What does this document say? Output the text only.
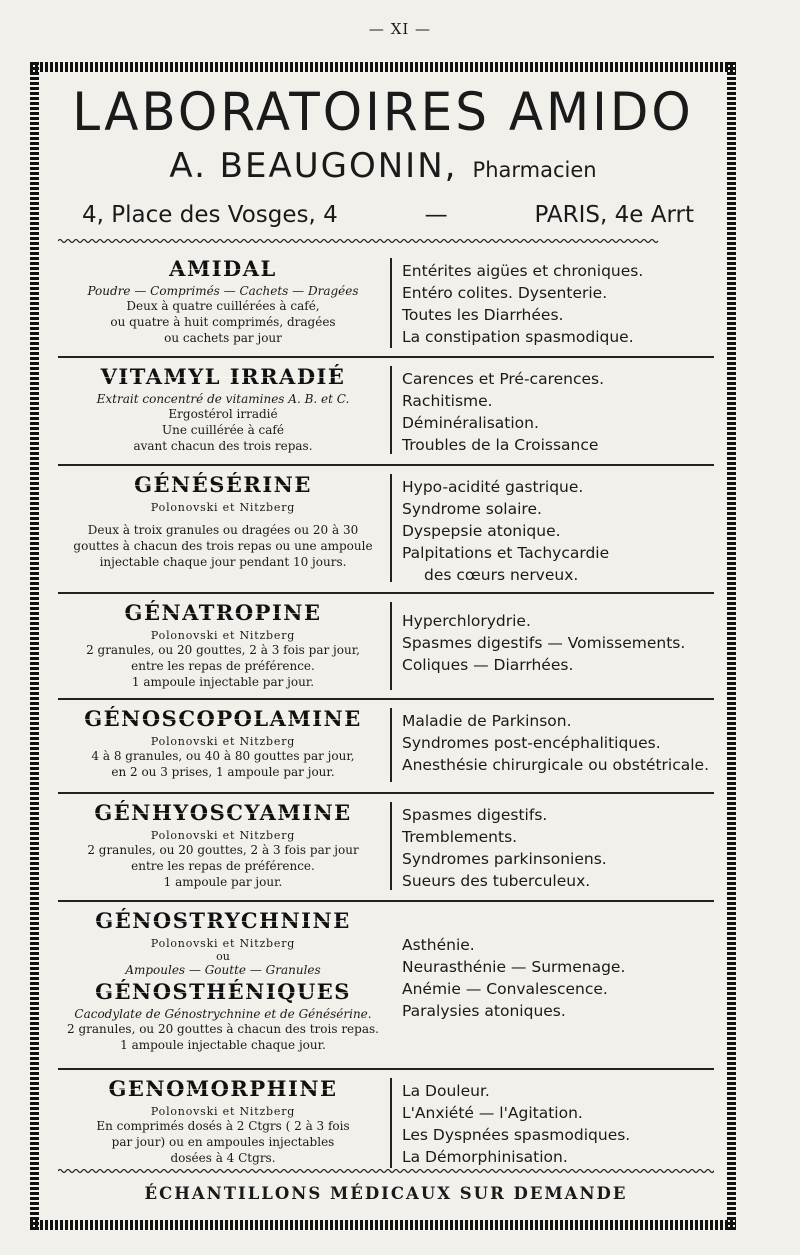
— XI —
LABORATOIRES AMIDO
A. BEAUGONIN, Pharmacien
4, Place des Vosges, 4	—	PARIS, 4e Arrt
AMIDAL
Poudre — Comprimés — Cachets — Dragées
Deux à quatre cuillérées à café,
ou quatre à huit comprimés, dragées
ou cachets par jour
Entérites aigües et chroniques.
Entéro colites. Dysenterie.
Toutes les Diarrhées.
La constipation spasmodique.
VITAMYL IRRADIÉ
Extrait concentré de vitamines A. B. et C.
Ergostérol irradié
Une cuillérée à café
avant chacun des trois repas.
Carences et Pré-carences.
Rachitisme.
Déminéralisation.
Troubles de la Croissance
GÉNÉSÉRINE
Polonovski et Nitzberg
Deux à troix granules ou dragées ou 20 à 30
gouttes à chacun des trois repas ou une ampoule
injectable chaque jour pendant 10 jours.
Hypo-acidité gastrique.
Syndrome solaire.
Dyspepsie atonique.
Palpitations et Tachycardie
des cœurs nerveux.
GÉNATROPINE
Polonovski et Nitzberg
2 granules, ou 20 gouttes, 2 à 3 fois par jour,
entre les repas de préférence.
1 ampoule injectable par jour.
Hyperchlorydrie.
Spasmes digestifs — Vomissements.
Coliques — Diarrhées.
GÉNOSCOPOLAMINE
Polonovski et Nitzberg
4 à 8 granules, ou 40 à 80 gouttes par jour,
en 2 ou 3 prises, 1 ampoule par jour.
Maladie de Parkinson.
Syndromes post-encéphalitiques.
Anesthésie chirurgicale ou obstétricale.
GÉNHYOSCYAMINE
Polonovski et Nitzberg
2 granules, ou 20 gouttes, 2 à 3 fois par jour
entre les repas de préférence.
1 ampoule par jour.
Spasmes digestifs.
Tremblements.
Syndromes parkinsoniens.
Sueurs des tuberculeux.
GÉNOSTRYCHNINE
Polonovski et Nitzberg
ou
Ampoules — Goutte — Granules
GÉNOSTHÉNIQUES
Cacodylate de Génostrychnine et de Génésérine.
2 granules, ou 20 gouttes à chacun des trois repas.
1 ampoule injectable chaque jour.
Asthénie.
Neurasthénie — Surmenage.
Anémie — Convalescence.
Paralysies atoniques.
GENOMORPHINE
Polonovski et Nitzberg
En comprimés dosés à 2 Ctgrs ( 2 à 3 fois
par jour) ou en ampoules injectables
dosées à 4 Ctgrs.
La Douleur.
L'Anxiété — l'Agitation.
Les Dyspnées spasmodiques.
La Démorphinisation.
ÉCHANTILLONS MÉDICAUX SUR DEMANDE
